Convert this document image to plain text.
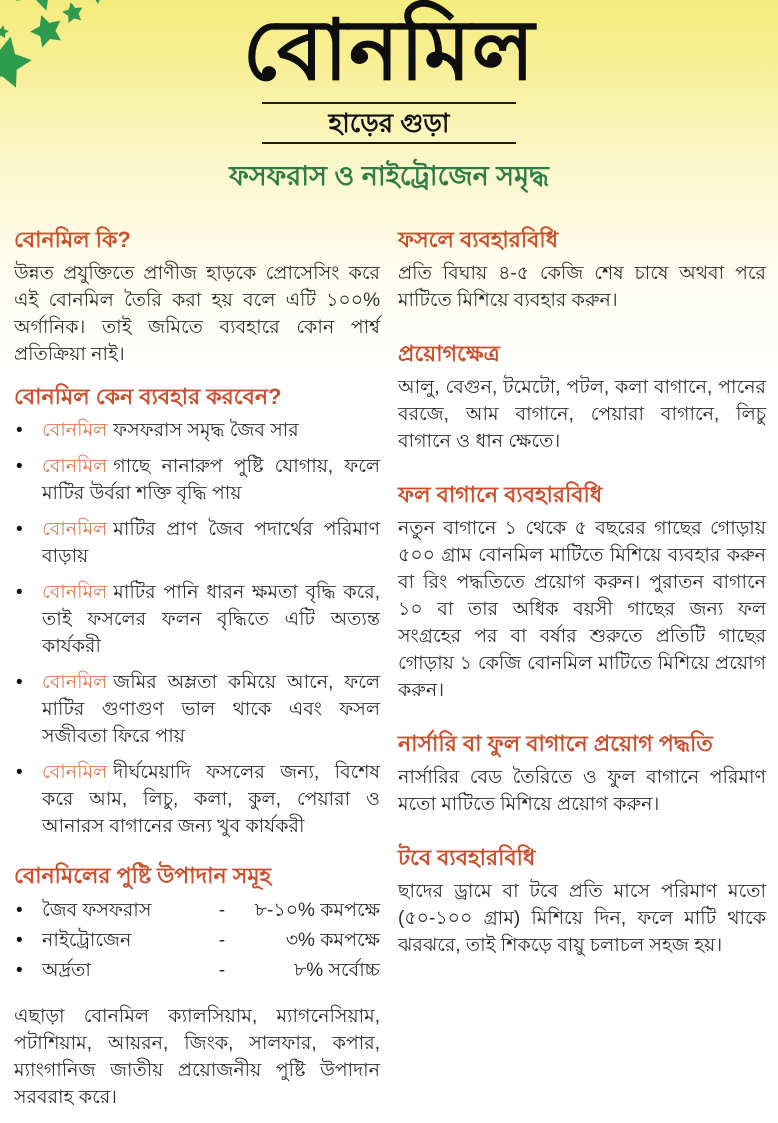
বোনমিল
হাড়ের গুড়া
ফসফরাস ও নাইট্রোজেন সমৃদ্ধ
বোনমিল কি?

উন্নত প্রযুক্তিতে প্রাণীজ হাড়কে প্রোসেসিং করে এই বোনমিল তৈরি করা হয় বলে এটি ১০০% অর্গানিক। তাই জমিতে ব্যবহারে কোন পার্শ্ব প্রতিক্রিয়া নাই।

বোনমিল কেন ব্যবহার করবেন?
•	বোনমিল ফসফরাস সমৃদ্ধ জৈব সার
•	বোনমিল গাছে নানারুপ পুষ্টি যোগায়, ফলে মাটির উর্বরা শক্তি বৃদ্ধি পায়
•	বোনমিল মাটির প্রাণ জৈব পদার্থের পরিমাণ বাড়ায়
•	বোনমিল মাটির পানি ধারন ক্ষমতা বৃদ্ধি করে, তাই ফসলের ফলন বৃদ্ধিতে এটি অত্যন্ত কার্যকরী
•	বোনমিল জমির অম্লতা কমিয়ে আনে, ফলে মাটির গুণাগুণ ভাল থাকে এবং ফসল সজীবতা ফিরে পায়
•	বোনমিল দীর্ঘমেয়াদি ফসলের জন্য, বিশেষ করে আম, লিচু, কলা, কুল, পেয়ারা ও আনারস বাগানের জন্য খুব কার্যকরী
বোনমিলের পুষ্টি উপাদান সমূহ
•	জৈব ফসফরাস	-	৮-১০% কমপক্ষে
•	নাইট্রোজেন	-	৩% কমপক্ষে
•	অর্দ্রতা	-	৮% সর্বোচ্চ

এছাড়া বোনমিল ক্যালসিয়াম, ম্যাগনেসিয়াম, পটাশিয়াম, আয়রন, জিংক, সালফার, কপার, ম্যাংগানিজ জাতীয় প্রয়োজনীয় পুষ্টি উপাদান সরবরাহ করে।

ফসলে ব্যবহারবিধি

প্রতি বিঘায় ৪-৫ কেজি শেষ চাষে অথবা পরে মাটিতে মিশিয়ে ব্যবহার করুন।

প্রয়োগক্ষেত্র

আলু, বেগুন, টমেটো, পটল, কলা বাগানে, পানের বরজে, আম বাগানে, পেয়ারা বাগানে, লিচু বাগানে ও ধান ক্ষেতে।

ফল বাগানে ব্যবহারবিধি

নতুন বাগানে ১ থেকে ৫ বছরের গাছের গোড়ায় ৫০০ গ্রাম বোনমিল মাটিতে মিশিয়ে ব্যবহার করুন বা রিং পদ্ধতিতে প্রয়োগ করুন। পুরাতন বাগানে ১০ বা তার অধিক বয়সী গাছের জন্য ফল সংগ্রহের পর বা বর্ষার শুরুতে প্রতিটি গাছের গোড়ায় ১ কেজি বোনমিল মাটিতে মিশিয়ে প্রয়োগ করুন।

নার্সারি বা ফুল বাগানে প্রয়োগ পদ্ধতি

নার্সারির বেড তৈরিতে ও ফুল বাগানে পরিমাণ মতো মাটিতে মিশিয়ে প্রয়োগ করুন।

টবে ব্যবহারবিধি

ছাদের ড্রামে বা টবে প্রতি মাসে পরিমাণ মতো (৫০-১০০ গ্রাম) মিশিয়ে দিন, ফলে মাটি থাকে ঝরঝরে, তাই শিকড়ে বায়ু চলাচল সহজ হয়।
